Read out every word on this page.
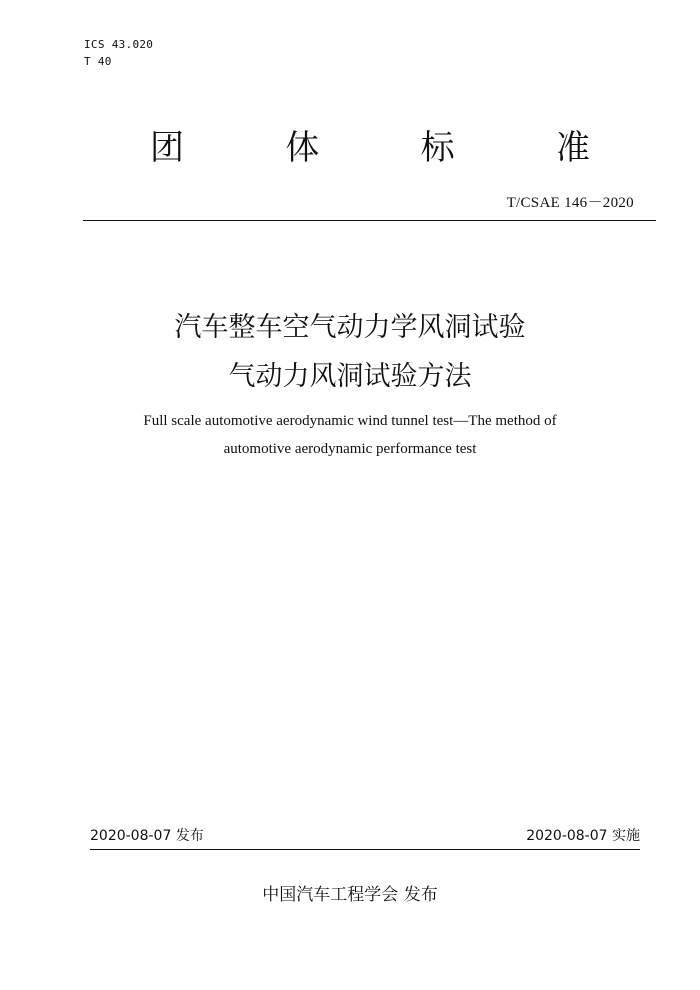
ICS 43.020
T 40
团	体	标	准
T/CSAE 146－2020
汽车整车空气动力学风洞试验
气动力风洞试验方法
Full scale automotive aerodynamic wind tunnel test—The method of
automotive aerodynamic performance test
2020-08-07 发布	2020-08-07 实施
中国汽车工程学会 发布
